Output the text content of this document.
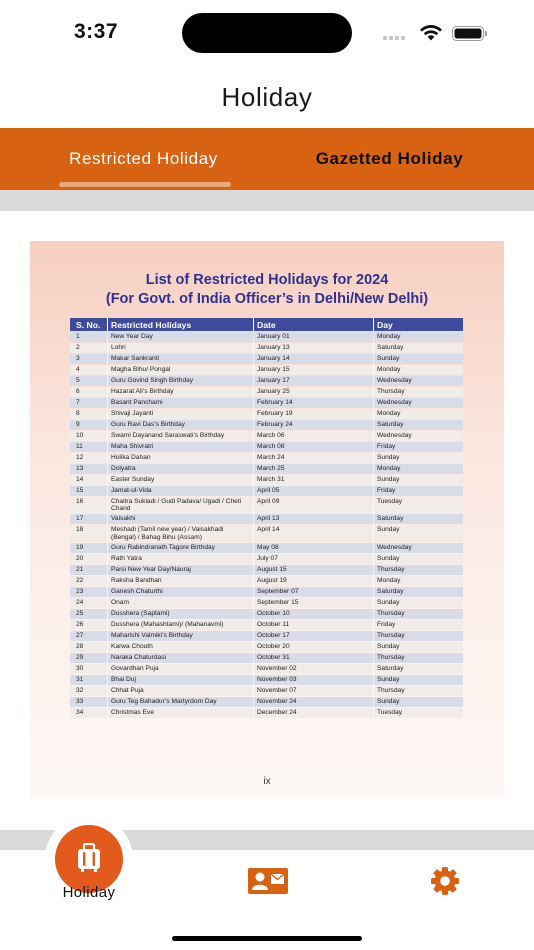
3:37
Holiday
Restricted Holiday	Gazetted Holiday
List of Restricted Holidays for 2024
(For Govt. of India Officer’s in Delhi/New Delhi)
S. No.	Restricted Holidays	Date	Day
1	New Year Day	January 01	Monday
2	Lohri	January 13	Saturday
3	Makar Sankranti	January 14	Sunday
4	Magha Bihu/ Pongal	January 15	Monday
5	Guru Govind Singh Birthday	January 17	Wednesday
6	Hazarat Ali’s Birthday	January 25	Thursday
7	Basant Panchami	February 14	Wednesday
8	Shivaji Jayanti	February 19	Monday
9	Guru Ravi Das’s Birthday	February 24	Saturday
10	Swami Dayanand Saraswati’s Birthday	March 06	Wednesday
11	Maha Shivratri	March 08	Friday
12	Holika Dahan	March 24	Sunday
13	Dolyatra	March 25	Monday
14	Easter Sunday	March 31	Sunday
15	Jamat-ul-Vida	April 05	Friday
16	Chaitra Sukladi / Gudi Padava/ Ugadi / Cheti Chand	April 09	Tuesday
17	Vaisakhi	April 13	Saturday
18	Meshadi (Tamil new year) / Vaisakhadi (Bengal) / Bahag Bihu (Assam)	April 14	Sunday
19	Guru Rabindranath Tagore Birthday	May 08	Wednesday
20	Rath Yatra	July 07	Sunday
21	Parsi New Year Day/Nauraj	August 15	Thursday
22	Raksha Bandhan	August 19	Monday
23	Ganesh Chaturthi	September 07	Saturday
24	Onam	September 15	Sunday
25	Dusshera (Saptami)	October 10	Thursday
26	Dusshera (Mahashtami)/ (Mahanavmi)	October 11	Friday
27	Maharishi Valmiki’s Birthday	October 17	Thursday
28	Karwa Chouth	October 20	Sunday
29	Naraka Chaturdasi	October 31	Thursday
30	Govardhan Puja	November 02	Saturday
31	Bhai Duj	November 03	Sunday
32	Chhat Puja	November 07	Thursday
33	Guru Teg Bahadur’s Martyrdom Day	November 24	Sunday
34	Christmas Eve	December 24	Tuesday
ix
Holiday
